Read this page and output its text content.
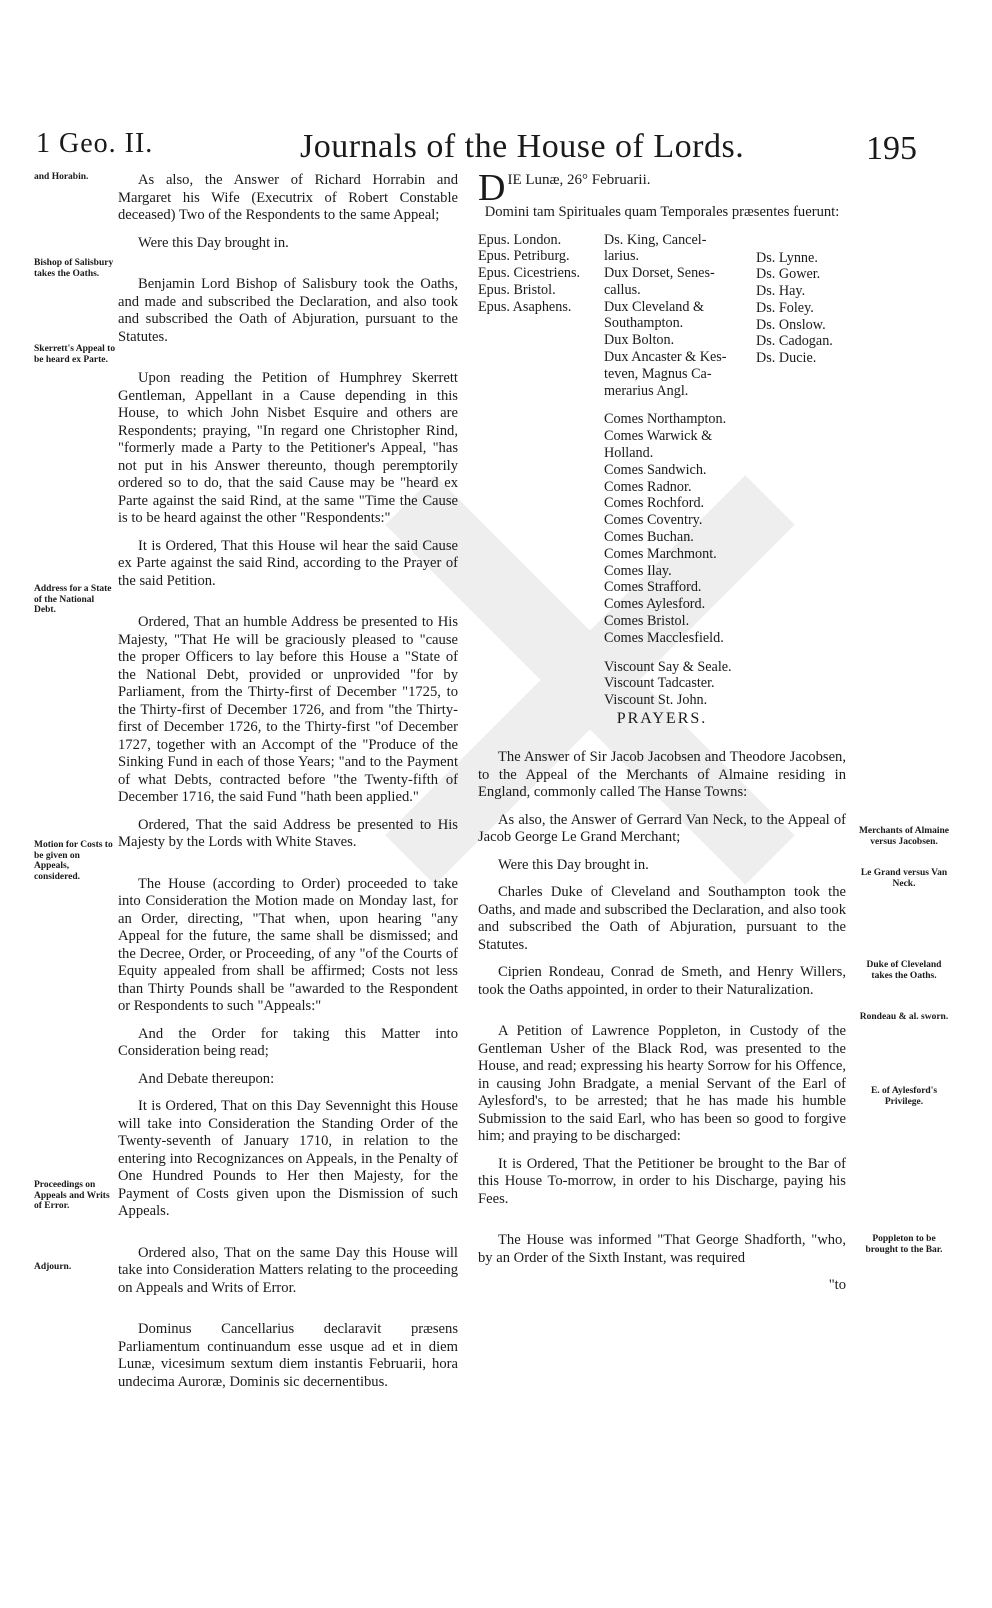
1 Geo. II.	Journals of the House of Lords.	195
and Horabin.
Bishop of Salisbury takes the Oaths.
Skerrett's Appeal to be heard ex Parte.
Address for a State of the National Debt.
Motion for Costs to be given on Appeals, considered.
Proceedings on Appeals and Writs of Error.
Adjourn.

As also, the Answer of Richard Horrabin and Margaret his Wife (Executrix of Robert Constable deceased) Two of the Respondents to the same Appeal;

Were this Day brought in.

Benjamin Lord Bishop of Salisbury took the Oaths, and made and subscribed the Declaration, and also took and subscribed the Oath of Abjuration, pursuant to the Statutes.

Upon reading the Petition of Humphrey Skerrett Gentleman, Appellant in a Cause depending in this House, to which John Nisbet Esquire and others are Respondents; praying, "In regard one Christopher Rind, "formerly made a Party to the Petitioner's Appeal, "has not put in his Answer thereunto, though peremptorily ordered so to do, that the said Cause may be "heard ex Parte against the said Rind, at the same "Time the Cause is to be heard against the other "Respondents:"

It is Ordered, That this House wil hear the said Cause ex Parte against the said Rind, according to the Prayer of the said Petition.

Ordered, That an humble Address be presented to His Majesty, "That He will be graciously pleased to "cause the proper Officers to lay before this House a "State of the National Debt, provided or unprovided "for by Parliament, from the Thirty-first of December "1725, to the Thirty-first of December 1726, and from "the Thirty-first of December 1726, to the Thirty-first "of December 1727, together with an Accompt of the "Produce of the Sinking Fund in each of those Years; "and to the Payment of what Debts, contracted before "the Twenty-fifth of December 1716, the said Fund "hath been applied."

Ordered, That the said Address be presented to His Majesty by the Lords with White Staves.

The House (according to Order) proceeded to take into Consideration the Motion made on Monday last, for an Order, directing, "That when, upon hearing "any Appeal for the future, the same shall be dismissed; and the Decree, Order, or Proceeding, of any "of the Courts of Equity appealed from shall be affirmed; Costs not less than Thirty Pounds shall be "awarded to the Respondent or Respondents to such "Appeals:"

And the Order for taking this Matter into Consideration being read;

And Debate thereupon:

It is Ordered, That on this Day Sevennight this House will take into Consideration the Standing Order of the Twenty-seventh of January 1710, in relation to the entering into Recognizances on Appeals, in the Penalty of One Hundred Pounds to Her then Majesty, for the Payment of Costs given upon the Dismission of such Appeals.

Ordered also, That on the same Day this House will take into Consideration Matters relating to the proceeding on Appeals and Writs of Error.

Dominus Cancellarius declaravit præsens Parliamentum continuandum esse usque ad et in diem Lunæ, vicesimum sextum diem instantis Februarii, hora undecima Auroræ, Dominis sic decernentibus.

Merchants of Almaine versus Jacobsen.
Le Grand versus Van Neck.
Duke of Cleveland takes the Oaths.
Rondeau & al. sworn.
E. of Aylesford's Privilege.
Poppleton to be brought to the Bar.

DIE Lunæ, 26° Februarii.

Domini tam Spirituales quam Temporales præsentes fuerunt:

Epus. London.
Epus. Petriburg.
Epus. Cicestriens.
Epus. Bristol.
Epus. Asaphens.
Ds. King, Cancel-
larius.
Dux Dorset, Senes-
callus.
Dux Cleveland &
Southampton.
Dux Bolton.
Dux Ancaster & Kes-
teven, Magnus Ca-
merarius Angl.
Comes Northampton.
Comes Warwick &
Holland.
Comes Sandwich.
Comes Radnor.
Comes Rochford.
Comes Coventry.
Comes Buchan.
Comes Marchmont.
Comes Ilay.
Comes Strafford.
Comes Aylesford.
Comes Bristol.
Comes Macclesfield.
Viscount Say & Seale.
Viscount Tadcaster.
Viscount St. John.
Ds. Lynne.
Ds. Gower.
Ds. Hay.
Ds. Foley.
Ds. Onslow.
Ds. Cadogan.
Ds. Ducie.
PRAYERS.

The Answer of Sir Jacob Jacobsen and Theodore Jacobsen, to the Appeal of the Merchants of Almaine residing in England, commonly called The Hanse Towns:

As also, the Answer of Gerrard Van Neck, to the Appeal of Jacob George Le Grand Merchant;

Were this Day brought in.

Charles Duke of Cleveland and Southampton took the Oaths, and made and subscribed the Declaration, and also took and subscribed the Oath of Abjuration, pursuant to the Statutes.

Ciprien Rondeau, Conrad de Smeth, and Henry Willers, took the Oaths appointed, in order to their Naturalization.

A Petition of Lawrence Poppleton, in Custody of the Gentleman Usher of the Black Rod, was presented to the House, and read; expressing his hearty Sorrow for his Offence, in causing John Bradgate, a menial Servant of the Earl of Aylesford's, to be arrested; that he has made his humble Submission to the said Earl, who has been so good to forgive him; and praying to be discharged:

It is Ordered, That the Petitioner be brought to the Bar of this House To-morrow, in order to his Discharge, paying his Fees.

The House was informed "That George Shadforth, "who, by an Order of the Sixth Instant, was required

"to
